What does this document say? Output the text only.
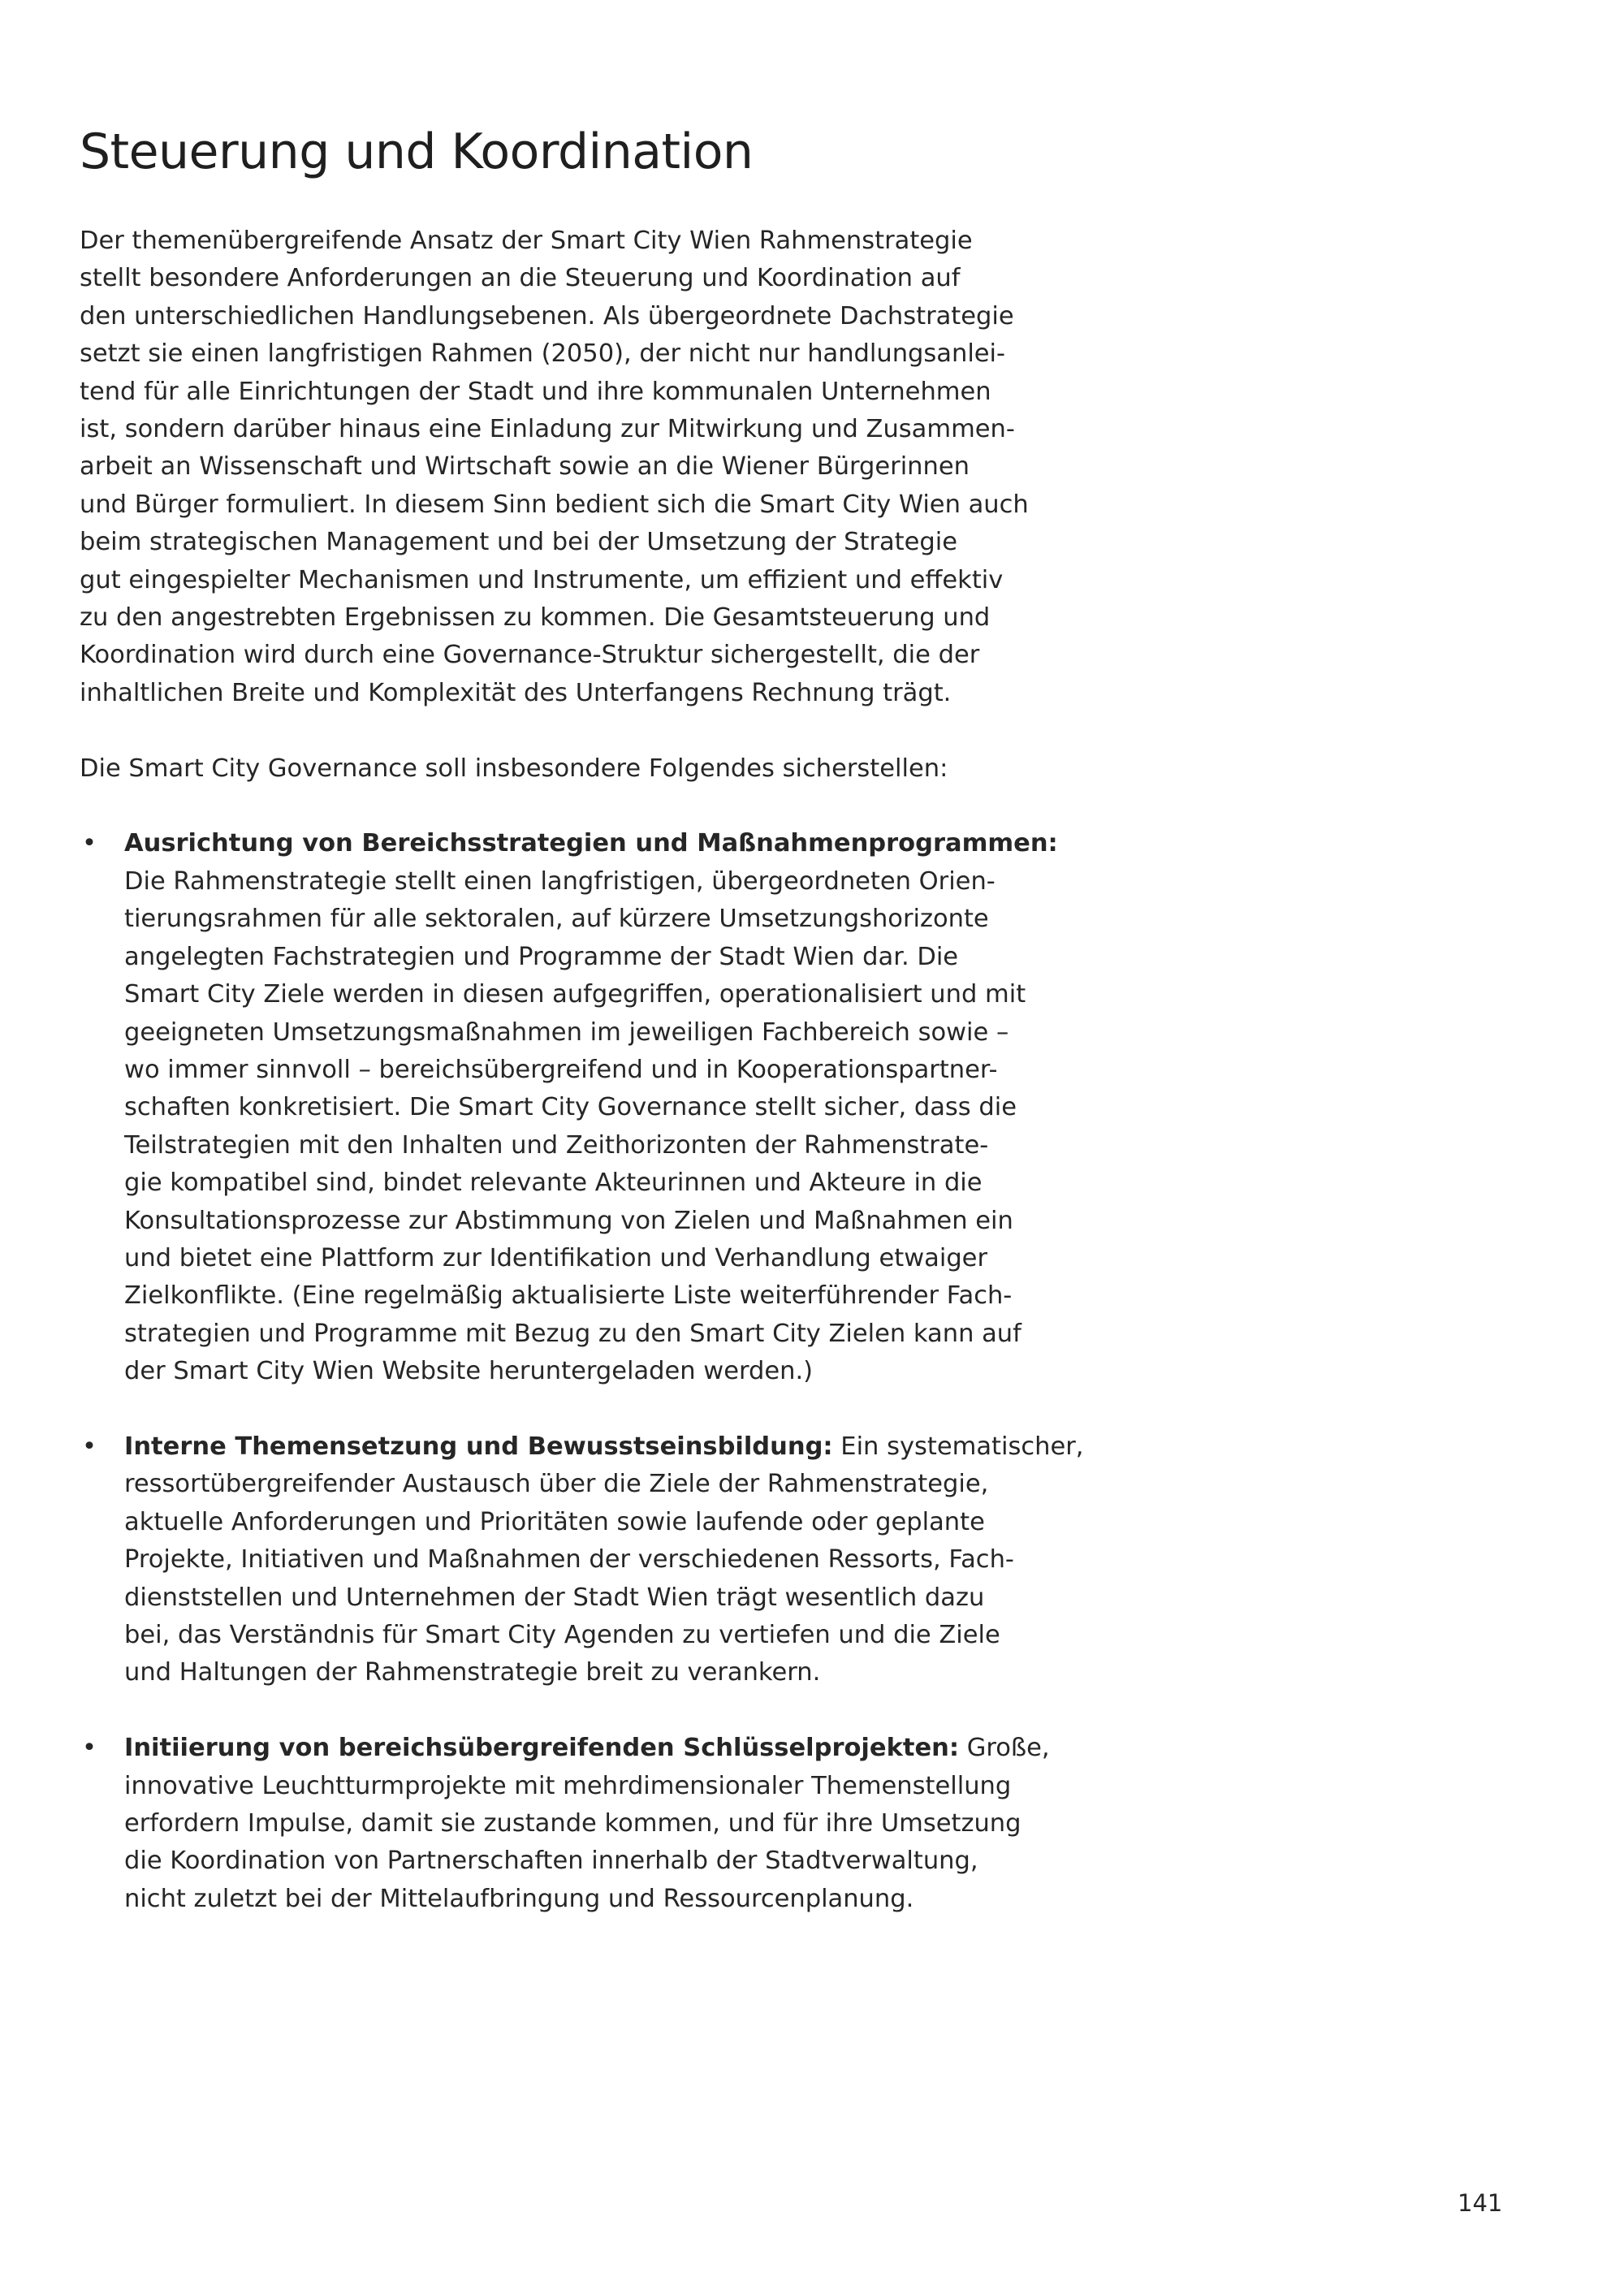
Steuerung und Koordination
Der themenübergreifende Ansatz der Smart City Wien Rahmenstrategie
stellt besondere Anforderungen an die Steuerung und Koordination auf
den unterschiedlichen Handlungsebenen. Als übergeordnete Dachstrategie
setzt sie einen langfristigen Rahmen (2050), der nicht nur handlungsanlei-
tend für alle Einrichtungen der Stadt und ihre kommunalen Unternehmen
ist, sondern darüber hinaus eine Einladung zur Mitwirkung und Zusammen-
arbeit an Wissenschaft und Wirtschaft sowie an die Wiener Bürgerinnen
und Bürger formuliert. In diesem Sinn bedient sich die Smart City Wien auch
beim strategischen Management und bei der Umsetzung der Strategie
gut eingespielter Mechanismen und Instrumente, um effizient und effektiv
zu den angestrebten Ergebnissen zu kommen. Die Gesamtsteuerung und
Koordination wird durch eine Governance-Struktur sichergestellt, die der
inhaltlichen Breite und Komplexität des Unterfangens Rechnung trägt.
Die Smart City Governance soll insbesondere Folgendes sicherstellen:
• Ausrichtung von Bereichsstrategien und Maßnahmenprogrammen:
Die Rahmenstrategie stellt einen langfristigen, übergeordneten Orien-
tierungsrahmen für alle sektoralen, auf kürzere Umsetzungshorizonte
angelegten Fachstrategien und Programme der Stadt Wien dar. Die
Smart City Ziele werden in diesen aufgegriffen, operationalisiert und mit
geeigneten Umsetzungsmaßnahmen im jeweiligen Fachbereich sowie –
wo immer sinnvoll – bereichsübergreifend und in Kooperationspartner-
schaften konkretisiert. Die Smart City Governance stellt sicher, dass die
Teilstrategien mit den Inhalten und Zeithorizonten der Rahmenstrate-
gie kompatibel sind, bindet relevante Akteurinnen und Akteure in die
Konsultationsprozesse zur Abstimmung von Zielen und Maßnahmen ein
und bietet eine Plattform zur Identifikation und Verhandlung etwaiger
Zielkonflikte. (Eine regelmäßig aktualisierte Liste weiterführender Fach-
strategien und Programme mit Bezug zu den Smart City Zielen kann auf
der Smart City Wien Website heruntergeladen werden.)
• Interne Themensetzung und Bewusstseinsbildung: Ein systematischer,
ressortübergreifender Austausch über die Ziele der Rahmenstrategie,
aktuelle Anforderungen und Prioritäten sowie laufende oder geplante
Projekte, Initiativen und Maßnahmen der verschiedenen Ressorts, Fach-
dienststellen und Unternehmen der Stadt Wien trägt wesentlich dazu
bei, das Verständnis für Smart City Agenden zu vertiefen und die Ziele
und Haltungen der Rahmenstrategie breit zu verankern.
• Initiierung von bereichsübergreifenden Schlüsselprojekten: Große,
innovative Leuchtturmprojekte mit mehrdimensionaler Themenstellung
erfordern Impulse, damit sie zustande kommen, und für ihre Umsetzung
die Koordination von Partnerschaften innerhalb der Stadtverwaltung,
nicht zuletzt bei der Mittelaufbringung und Ressourcenplanung.
141
